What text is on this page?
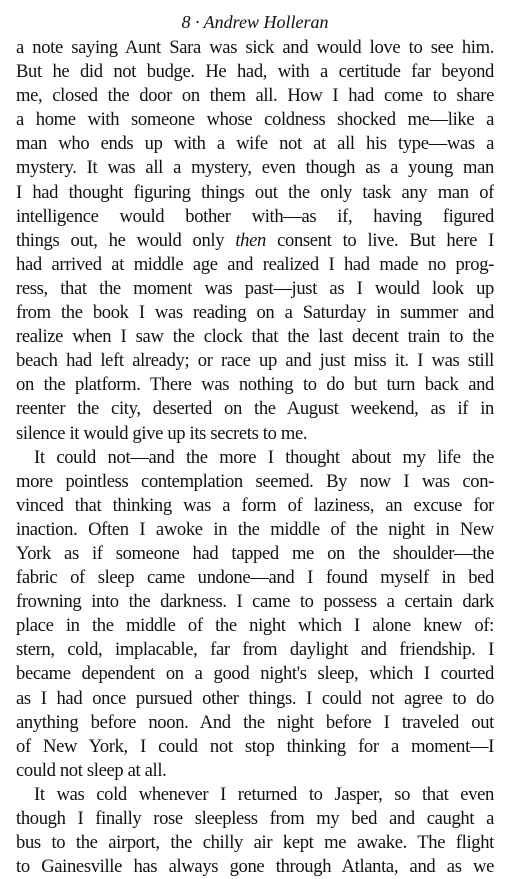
8 · Andrew Holleran
a note saying Aunt Sara was sick and would love to see him.
But he did not budge. He had, with a certitude far beyond
me, closed the door on them all. How I had come to share
a home with someone whose coldness shocked me—like a
man who ends up with a wife not at all his type—was a
mystery. It was all a mystery, even though as a young man
I had thought figuring things out the only task any man of
intelligence would bother with—as if, having figured
things out, he would only then consent to live. But here I
had arrived at middle age and realized I had made no prog-
ress, that the moment was past—just as I would look up
from the book I was reading on a Saturday in summer and
realize when I saw the clock that the last decent train to the
beach had left already; or race up and just miss it. I was still
on the platform. There was nothing to do but turn back and
reenter the city, deserted on the August weekend, as if in
silence it would give up its secrets to me.
It could not—and the more I thought about my life the
more pointless contemplation seemed. By now I was con-
vinced that thinking was a form of laziness, an excuse for
inaction. Often I awoke in the middle of the night in New
York as if someone had tapped me on the shoulder—the
fabric of sleep came undone—and I found myself in bed
frowning into the darkness. I came to possess a certain dark
place in the middle of the night which I alone knew of:
stern, cold, implacable, far from daylight and friendship. I
became dependent on a good night's sleep, which I courted
as I had once pursued other things. I could not agree to do
anything before noon. And the night before I traveled out
of New York, I could not stop thinking for a moment—I
could not sleep at all.
It was cold whenever I returned to Jasper, so that even
though I finally rose sleepless from my bed and caught a
bus to the airport, the chilly air kept me awake. The flight
to Gainesville has always gone through Atlanta, and as we
